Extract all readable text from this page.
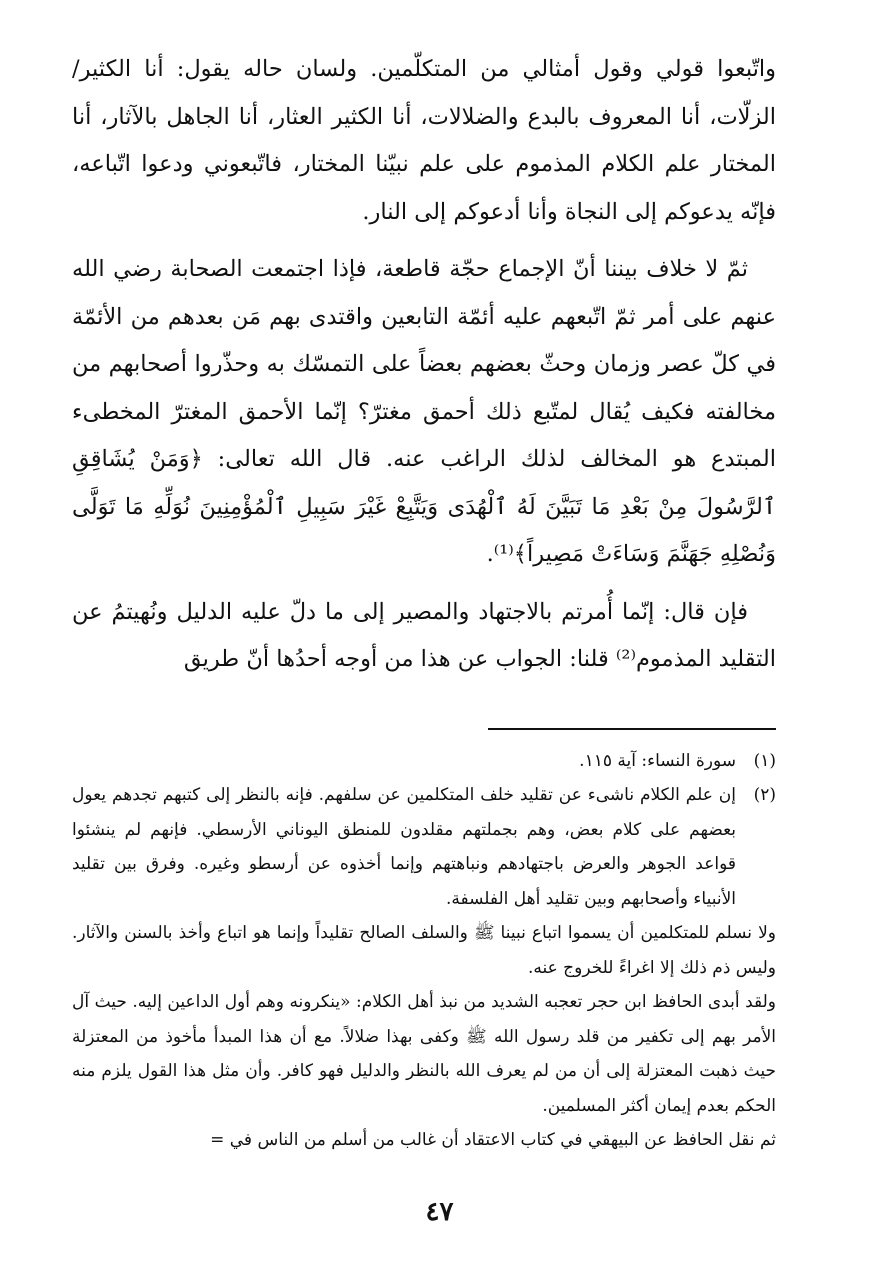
واتّبعوا قولي وقول أمثالي من المتكلّمين. ولسان حاله يقول: أنا الكثير/ الزلّات، أنا المعروف بالبدع والضلالات، أنا الكثير العثار، أنا الجاهل بالآثار، أنا المختار علم الكلام المذموم على علم نبيّنا المختار، فاتّبعوني ودعوا اتّباعه، فإنّه يدعوكم إلى النجاة وأنا أدعوكم إلى النار.

ثمّ لا خلاف بيننا أنّ الإجماع حجّة قاطعة، فإذا اجتمعت الصحابة رضي الله عنهم على أمر ثمّ اتّبعهم عليه أئمّة التابعين واقتدى بهم مَن بعدهم من الأئمّة في كلّ عصر وزمان وحثّ بعضهم بعضاً على التمسّك به وحذّروا أصحابهم من مخالفته فكيف يُقال لمتّبع ذلك أحمق مغترّ؟ إنّما الأحمق المغترّ المخطىء المبتدع هو المخالف لذلك الراغب عنه. قال الله تعالى: ﴿وَمَنْ يُشَاقِقِ ٱلرَّسُولَ مِنْ بَعْدِ مَا تَبَيَّنَ لَهُ ٱلْهُدَى وَيَتَّبِعْ غَيْرَ سَبِيلِ ٱلْمُؤْمِنِينَ نُوَلِّهِ مَا تَوَلَّى وَنُصْلِهِ جَهَنَّمَ وَسَاءَتْ مَصِيراً﴾⁽¹⁾.

فإن قال: إنّما أُمرتم بالاجتهاد والمصير إلى ما دلّ عليه الدليل ونُهيتمُ عن التقليد المذموم⁽²⁾ قلنا: الجواب عن هذا من أوجه أحدُها أنّ طريق

(١)
سورة النساء: آية ١١٥.
(٢)
إن علم الكلام ناشىء عن تقليد خلف المتكلمين عن سلفهم. فإنه بالنظر إلى كتبهم تجدهم يعول بعضهم على كلام بعض، وهم بجملتهم مقلدون للمنطق اليوناني الأرسطي. فإنهم لم ينشئوا قواعد الجوهر والعرض باجتهادهم ونباهتهم وإنما أخذوه عن أرسطو وغيره. وفرق بين تقليد الأنبياء وأصحابهم وبين تقليد أهل الفلسفة.
ولا نسلم للمتكلمين أن يسموا اتباع نبينا ﷺ والسلف الصالح تقليداً وإنما هو اتباع وأخذ بالسنن والآثار. وليس ذم ذلك إلا اغراءً للخروج عنه.
ولقد أبدى الحافظ ابن حجر تعجبه الشديد من نبذ أهل الكلام: «ينكرونه وهم أول الداعين إليه. حيث آل الأمر بهم إلى تكفير من قلد رسول الله ﷺ وكفى بهذا ضلالاً. مع أن هذا المبدأ مأخوذ من المعتزلة حيث ذهبت المعتزلة إلى أن من لم يعرف الله بالنظر والدليل فهو كافر. وأن مثل هذا القول يلزم منه الحكم بعدم إيمان أكثر المسلمين.
ثم نقل الحافظ عن البيهقي في كتاب الاعتقاد أن غالب من أسلم من الناس في =
٤٧
